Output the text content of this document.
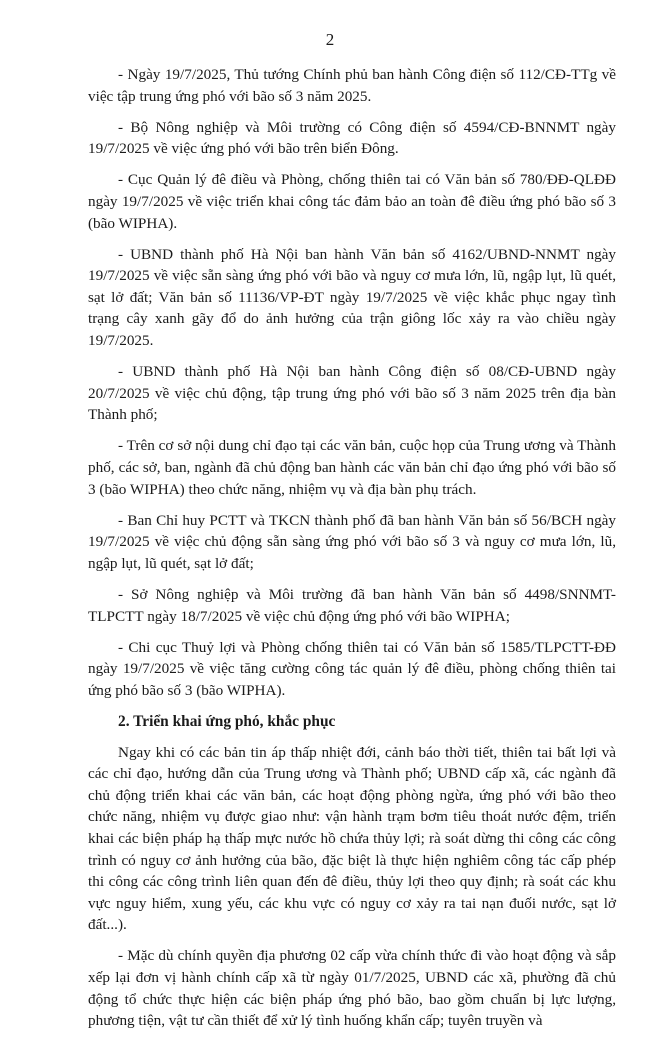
2

- Ngày 19/7/2025, Thủ tướng Chính phủ ban hành Công điện số 112/CĐ-TTg về việc tập trung ứng phó với bão số 3 năm 2025.

- Bộ Nông nghiệp và Môi trường có Công điện số 4594/CĐ-BNNMT ngày 19/7/2025 về việc ứng phó với bão trên biển Đông.

- Cục Quản lý đê điều và Phòng, chống thiên tai có Văn bản số 780/ĐĐ-QLĐĐ ngày 19/7/2025 về việc triển khai công tác đảm bảo an toàn đê điều ứng phó bão số 3 (bão WIPHA).

- UBND thành phố Hà Nội ban hành Văn bản số 4162/UBND-NNMT ngày 19/7/2025 về việc sẵn sàng ứng phó với bão và nguy cơ mưa lớn, lũ, ngập lụt, lũ quét, sạt lở đất; Văn bản số 11136/VP-ĐT ngày 19/7/2025 về việc khắc phục ngay tình trạng cây xanh gãy đổ do ảnh hưởng của trận giông lốc xảy ra vào chiều ngày 19/7/2025.

- UBND thành phố Hà Nội ban hành Công điện số 08/CĐ-UBND ngày 20/7/2025 về việc chủ động, tập trung ứng phó với bão số 3 năm 2025 trên địa bàn Thành phố;

- Trên cơ sở nội dung chỉ đạo tại các văn bản, cuộc họp của Trung ương và Thành phố, các sở, ban, ngành đã chủ động ban hành các văn bản chỉ đạo ứng phó với bão số 3 (bão WIPHA) theo chức năng, nhiệm vụ và địa bàn phụ trách.

- Ban Chỉ huy PCTT và TKCN thành phố đã ban hành Văn bản số 56/BCH ngày 19/7/2025 về việc chủ động sẵn sàng ứng phó với bão số 3 và nguy cơ mưa lớn, lũ, ngập lụt, lũ quét, sạt lở đất;

- Sở Nông nghiệp và Môi trường đã ban hành Văn bản số 4498/SNNMT-TLPCTT ngày 18/7/2025 về việc chủ động ứng phó với bão WIPHA;

- Chi cục Thuỷ lợi và Phòng chống thiên tai có Văn bản số 1585/TLPCTT-ĐĐ ngày 19/7/2025 về việc tăng cường công tác quản lý đê điều, phòng chống thiên tai ứng phó bão số 3 (bão WIPHA).

2. Triển khai ứng phó, khắc phục

Ngay khi có các bản tin áp thấp nhiệt đới, cảnh báo thời tiết, thiên tai bất lợi và các chỉ đạo, hướng dẫn của Trung ương và Thành phố; UBND cấp xã, các ngành đã chủ động triển khai các văn bản, các hoạt động phòng ngừa, ứng phó với bão theo chức năng, nhiệm vụ được giao như: vận hành trạm bơm tiêu thoát nước đệm, triển khai các biện pháp hạ thấp mực nước hồ chứa thủy lợi; rà soát dừng thi công các công trình có nguy cơ ảnh hưởng của bão, đặc biệt là thực hiện nghiêm công tác cấp phép thi công các công trình liên quan đến đê điều, thủy lợi theo quy định; rà soát các khu vực nguy hiểm, xung yếu, các khu vực có nguy cơ xảy ra tai nạn đuối nước, sạt lở đất...).

- Mặc dù chính quyền địa phương 02 cấp vừa chính thức đi vào hoạt động và sắp xếp lại đơn vị hành chính cấp xã từ ngày 01/7/2025, UBND các xã, phường đã chủ động tổ chức thực hiện các biện pháp ứng phó bão, bao gồm chuẩn bị lực lượng, phương tiện, vật tư cần thiết để xử lý tình huống khẩn cấp; tuyên truyền và
